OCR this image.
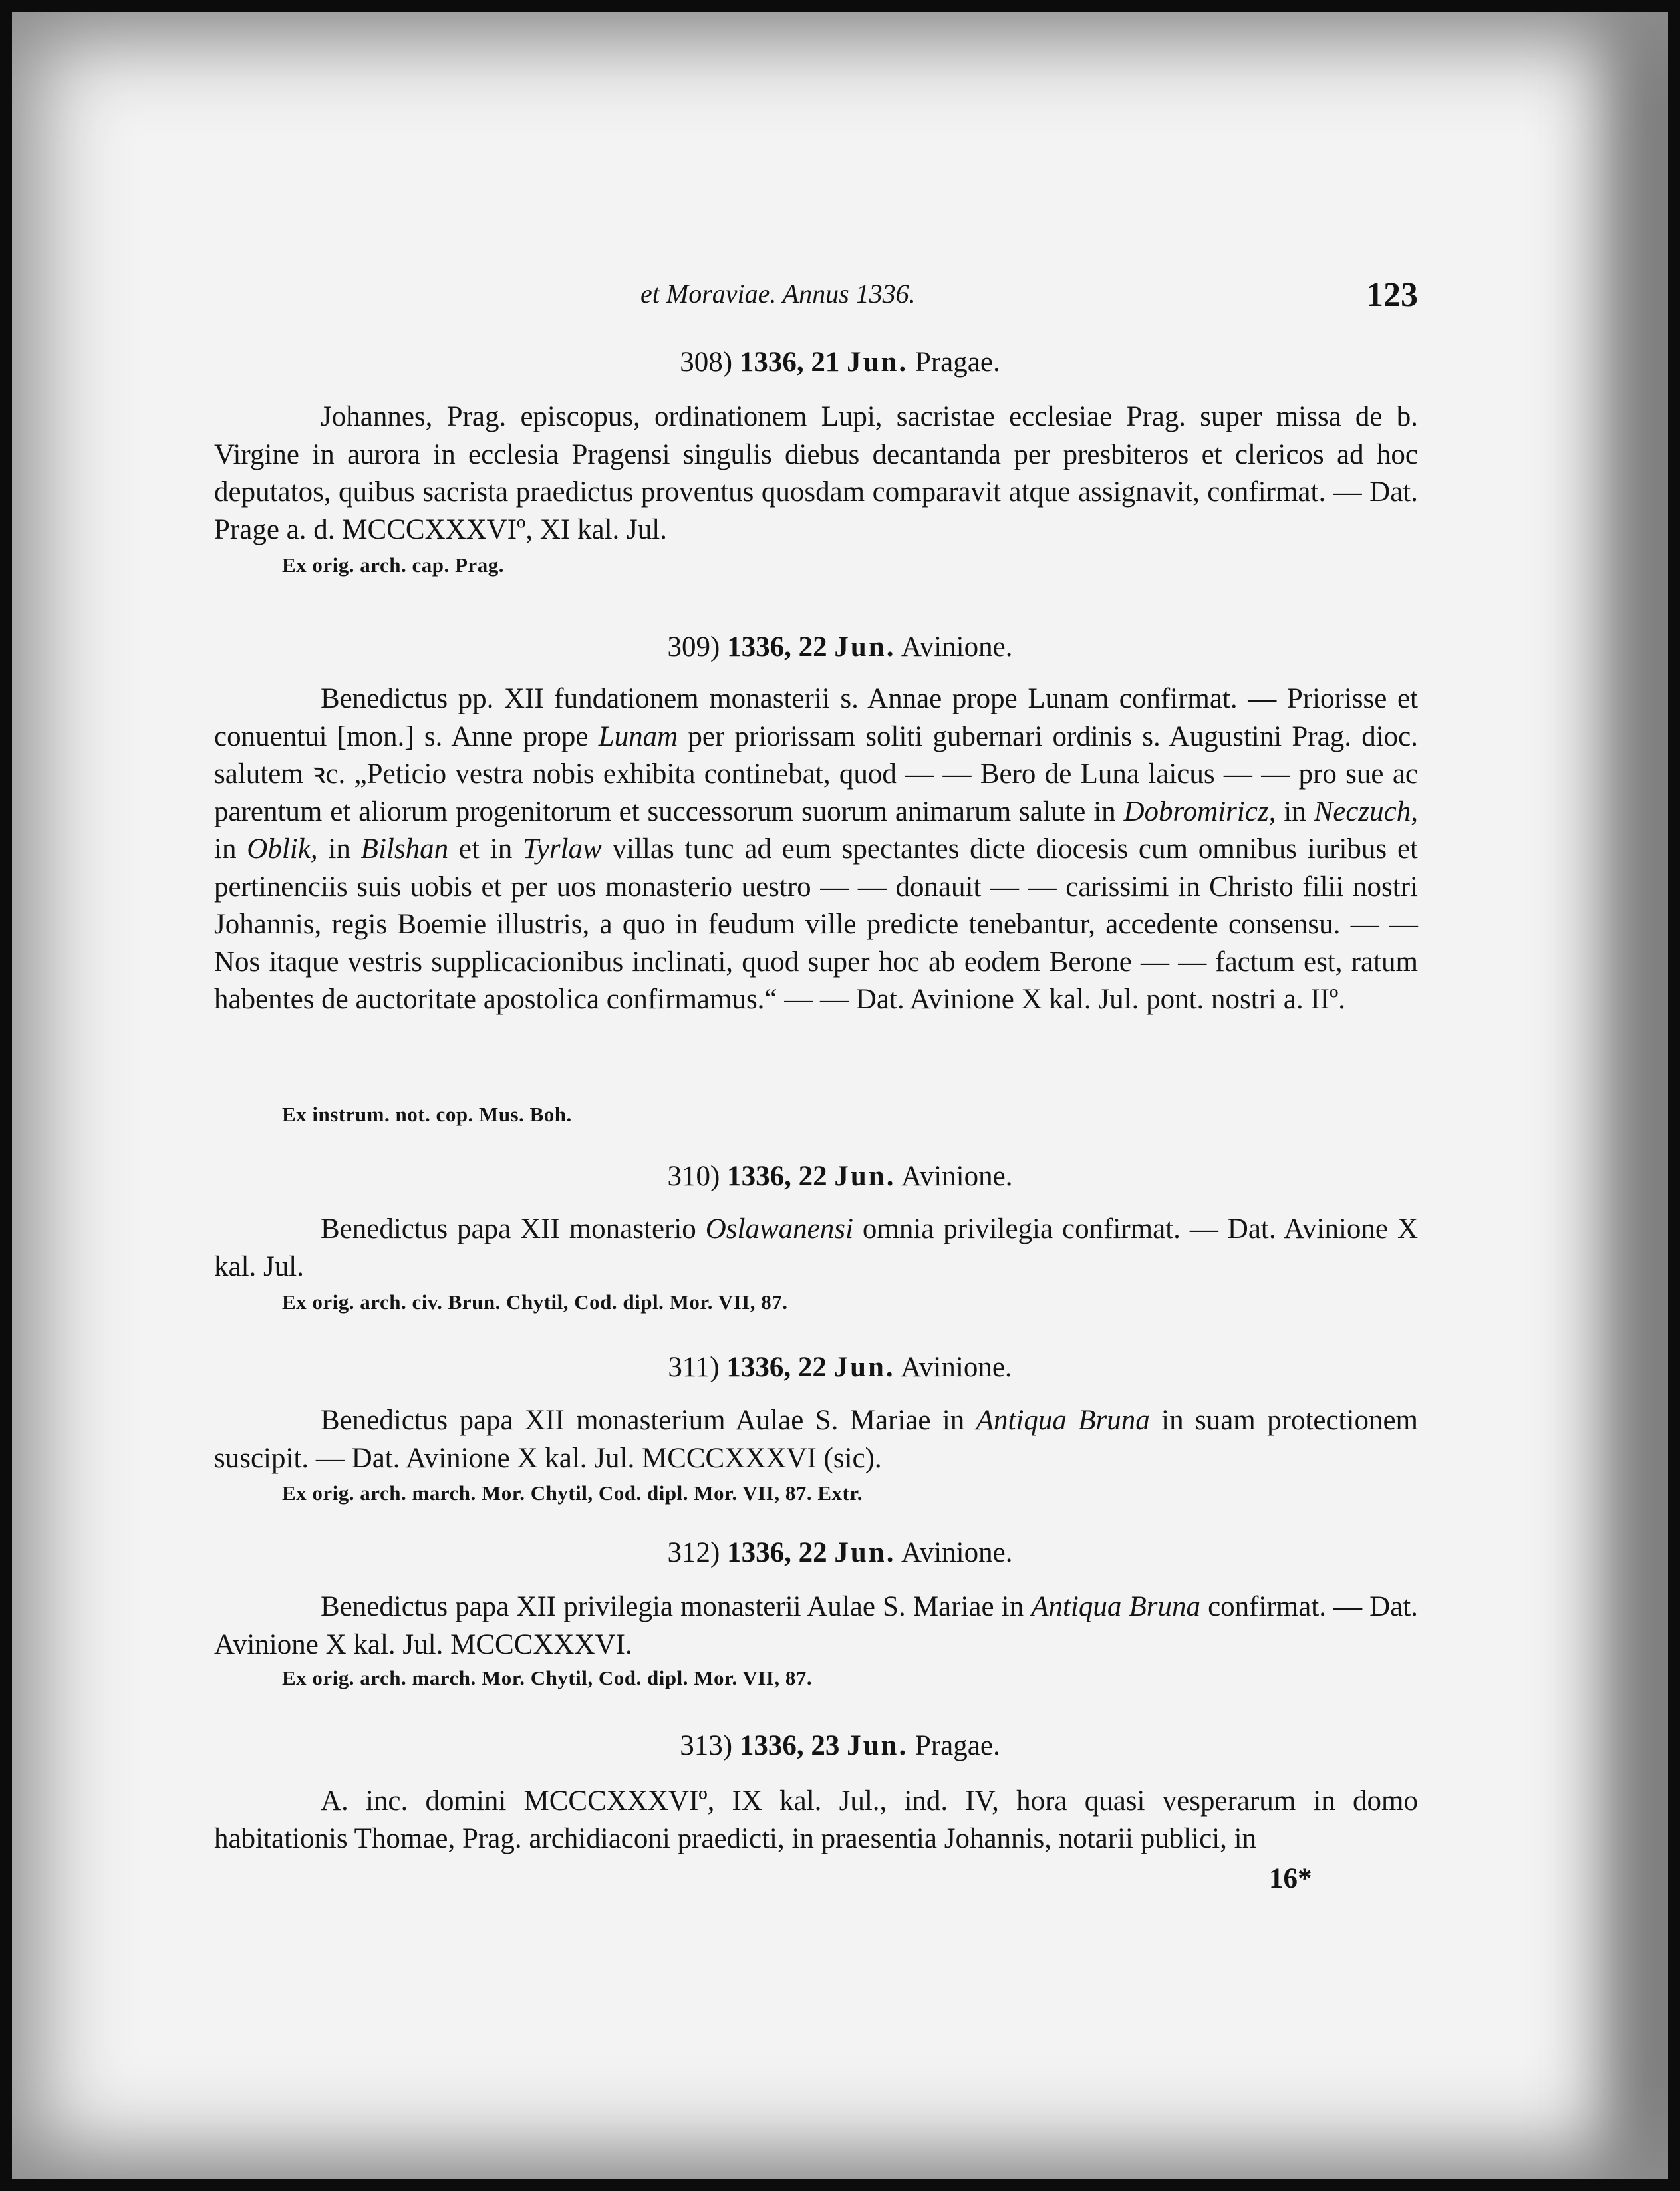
et Moraviae. Annus 1336.	123
308) 1336, 21 Jun. Pragae.
Johannes, Prag. episcopus, ordinationem Lupi, sacristae ecclesiae Prag. super missa de b. Virgine in aurora in ecclesia Pragensi singulis diebus decantanda per presbiteros et clericos ad hoc deputatos, quibus sacrista praedictus proventus quosdam comparavit atque assignavit, confirmat. — Dat. Prage a. d. MCCCXXXVIº, XI kal. Jul.
Ex orig. arch. cap. Prag.
309) 1336, 22 Jun. Avinione.
Benedictus pp. XII fundationem monasterii s. Annae prope Lunam confirmat. — Priorisse et conuentui [mon.] s. Anne prope Lunam per priorissam soliti gubernari ordinis s. Augustini Prag. dioc. salutem ꝛc. „Peticio vestra nobis exhibita continebat, quod — — Bero de Luna laicus — — pro sue ac parentum et aliorum progenitorum et successorum suorum animarum salute in Dobromiricz, in Neczuch, in Oblik, in Bilshan et in Tyrlaw villas tunc ad eum spectantes dicte diocesis cum omnibus iuribus et pertinenciis suis uobis et per uos monasterio uestro — — donauit — — carissimi in Christo filii nostri Johannis, regis Boemie illustris, a quo in feudum ville predicte tenebantur, accedente consensu. — — Nos itaque vestris supplicacionibus inclinati, quod super hoc ab eodem Berone — — factum est, ratum habentes de auctoritate apostolica confirmamus.“ — — Dat. Avinione X kal. Jul. pont. nostri a. IIº.
Ex instrum. not. cop. Mus. Boh.
310) 1336, 22 Jun. Avinione.
Benedictus papa XII monasterio Oslawanensi omnia privilegia confirmat. — Dat. Avinione X kal. Jul.
Ex orig. arch. civ. Brun. Chytil, Cod. dipl. Mor. VII, 87.
311) 1336, 22 Jun. Avinione.
Benedictus papa XII monasterium Aulae S. Mariae in Antiqua Bruna in suam protectionem suscipit. — Dat. Avinione X kal. Jul. MCCCXXXVI (sic).
Ex orig. arch. march. Mor. Chytil, Cod. dipl. Mor. VII, 87. Extr.
312) 1336, 22 Jun. Avinione.
Benedictus papa XII privilegia monasterii Aulae S. Mariae in Antiqua Bruna confirmat. — Dat. Avinione X kal. Jul. MCCCXXXVI.
Ex orig. arch. march. Mor. Chytil, Cod. dipl. Mor. VII, 87.
313) 1336, 23 Jun. Pragae.
A. inc. domini MCCCXXXVIº, IX kal. Jul., ind. IV, hora quasi vesperarum in domo habitationis Thomae, Prag. archidiaconi praedicti, in praesentia Johannis, notarii publici, in
16*
